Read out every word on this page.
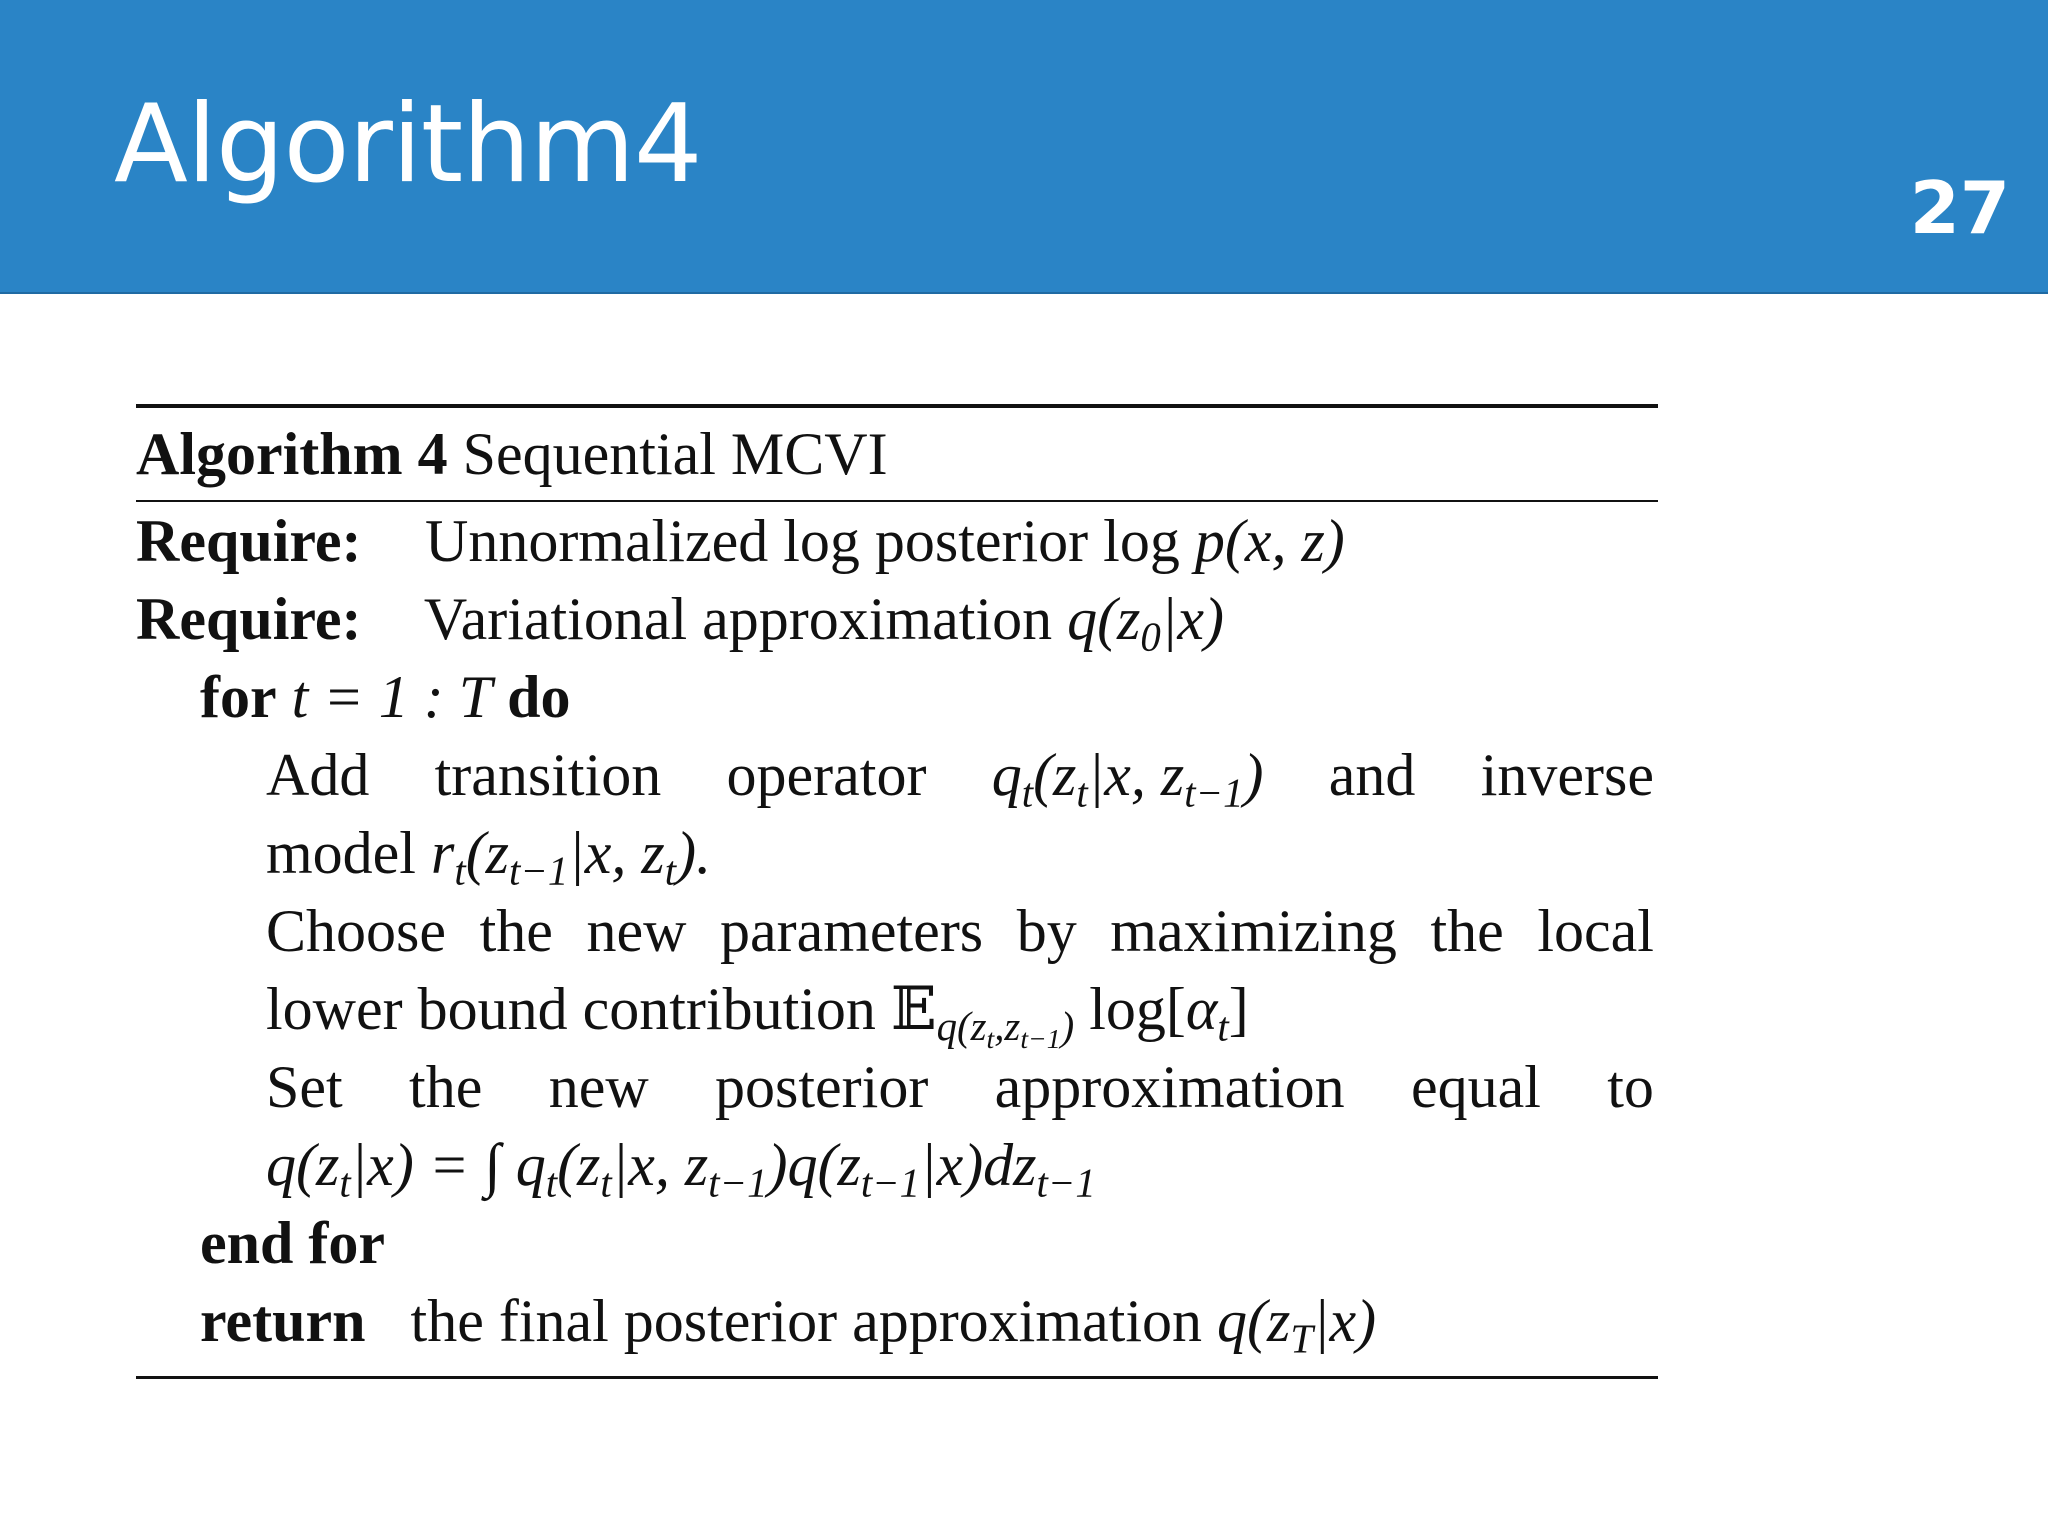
Algorithm4
27
Algorithm 4 Sequential MCVI
Require: Unnormalized log posterior log p(x, z)
Require: Variational approximation $q(z_0|x)$
for t = 1 : T do
Add transition operator $q_t(z_t|x$, $z_{t-1}$) and inverse
model $r_t(z_{t-1}|x$, $z_t$).
Choose the new parameters by maximizing the local
lower bound contribution 𝔼$_{q(z_t,z_{t-1})}$ $\log[\alpha_t]$
Set the new posterior approximation equal to
$q(z_t|x)$ = ∫ $q_t(z_t|x$, $z_{t-1})q(z_{t-1}|x)dz_{t-1}$
end for
return the final posterior approximation $q(z_T|x)$
